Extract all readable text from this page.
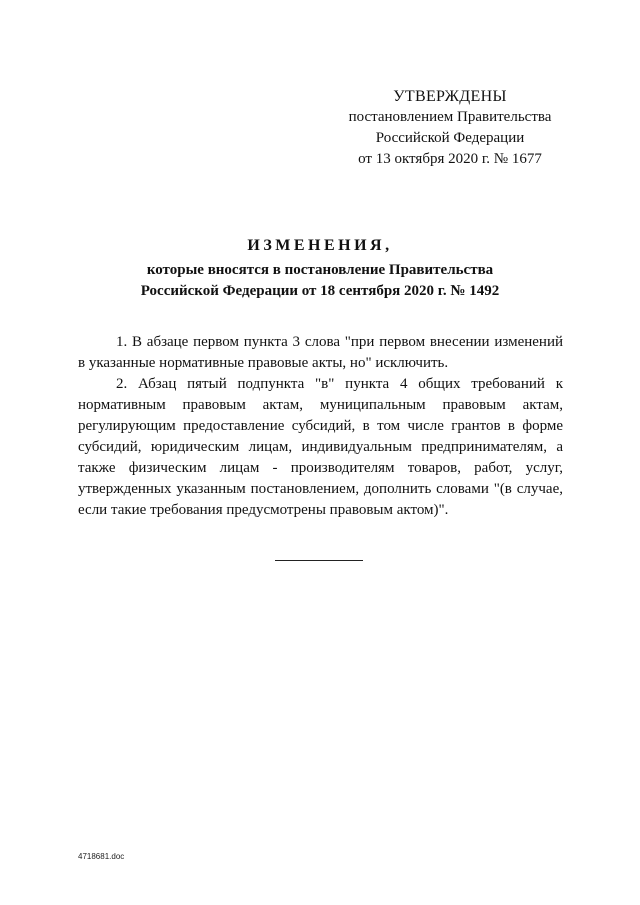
УТВЕРЖДЕНЫ
постановлением Правительства
Российской Федерации
от 13 октября 2020 г. № 1677
ИЗМЕНЕНИЯ,
которые вносятся в постановление Правительства
Российской Федерации от 18 сентября 2020 г. № 1492

1. В абзаце первом пункта 3 слова "при первом внесении изменений в указанные нормативные правовые акты, но" исключить.

2. Абзац пятый подпункта "в" пункта 4 общих требований к нормативным правовым актам, муниципальным правовым актам, регулирующим предоставление субсидий, в том числе грантов в форме субсидий, юридическим лицам, индивидуальным предпринимателям, а также физическим лицам - производителям товаров, работ, услуг, утвержденных указанным постановлением, дополнить словами "(в случае, если такие требования предусмотрены правовым актом)".

4718681.doc
